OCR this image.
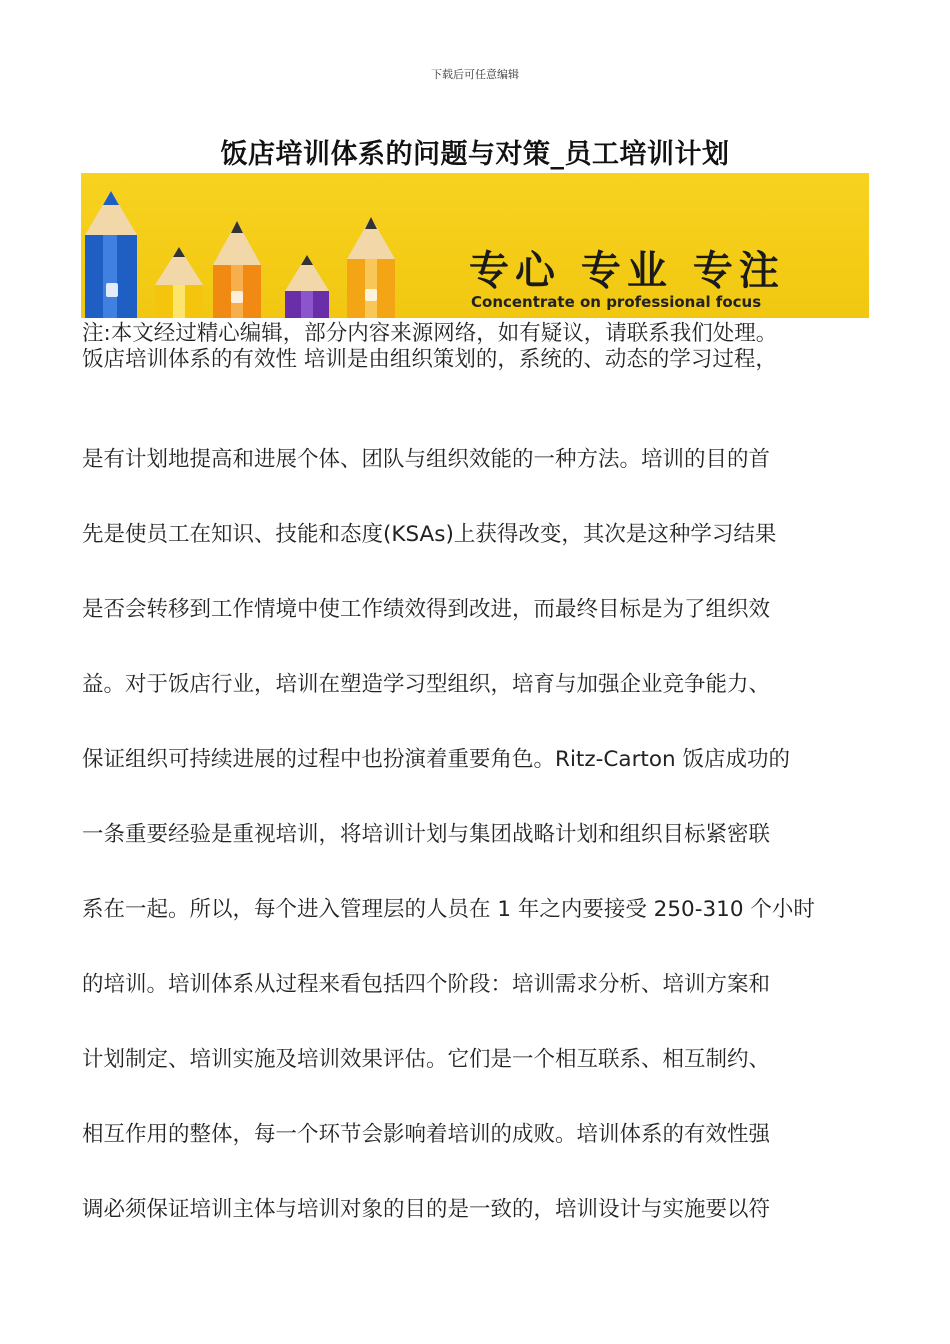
下载后可任意编辑
饭店培训体系的问题与对策_员工培训计划
专心 专业 专注
Concentrate on professional focus
注:本文经过精心编辑，部分内容来源网络，如有疑议，请联系我们处理。
饭店培训体系的有效性 培训是由组织策划的，系统的、动态的学习过程，
是有计划地提高和进展个体、团队与组织效能的一种方法。培训的目的首
先是使员工在知识、技能和态度(KSAs)上获得改变，其次是这种学习结果
是否会转移到工作情境中使工作绩效得到改进，而最终目标是为了组织效
益。对于饭店行业，培训在塑造学习型组织，培育与加强企业竞争能力、
保证组织可持续进展的过程中也扮演着重要角色。Ritz-Carton 饭店成功的
一条重要经验是重视培训，将培训计划与集团战略计划和组织目标紧密联
系在一起。所以，每个进入管理层的人员在 1 年之内要接受 250-310 个小时
的培训。培训体系从过程来看包括四个阶段：培训需求分析、培训方案和
计划制定、培训实施及培训效果评估。它们是一个相互联系、相互制约、
相互作用的整体，每一个环节会影响着培训的成败。培训体系的有效性强
调必须保证培训主体与培训对象的目的是一致的，培训设计与实施要以符
